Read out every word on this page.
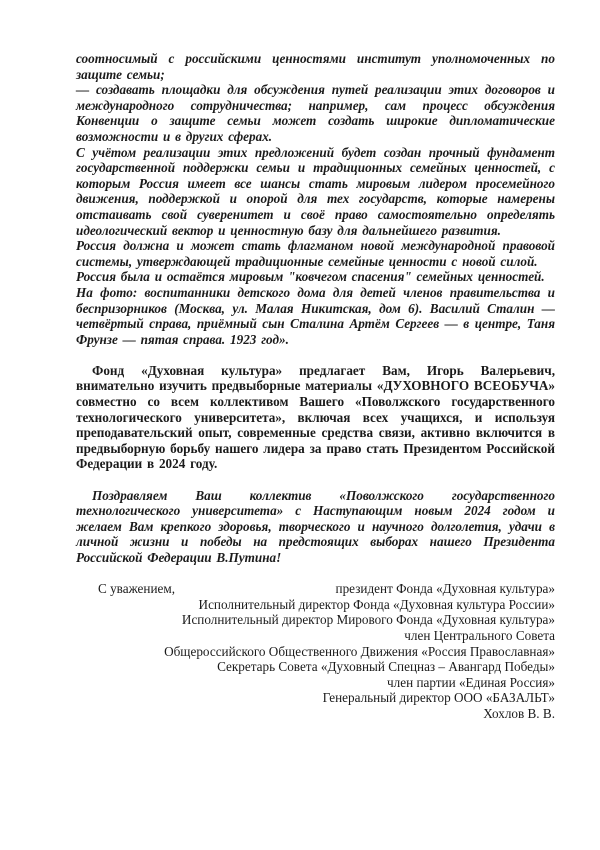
соотносимый с российскими ценностями институт уполномоченных по защите семьи;

— создавать площадки для обсуждения путей реализации этих договоров и международного сотрудничества; например, сам процесс обсуждения Конвенции о защите семьи может создать широкие дипломатические возможности и в других сферах.

С учётом реализации этих предложений будет создан прочный фундамент государственной поддержки семьи и традиционных семейных ценностей, с которым Россия имеет все шансы стать мировым лидером просемейного движения, поддержкой и опорой для тех государств, которые намерены отстаивать свой суверенитет и своё право самостоятельно определять идеологический вектор и ценностную базу для дальнейшего развития.

Россия должна и может стать флагманом новой международной правовой системы, утверждающей традиционные семейные ценности с новой силой.

Россия была и остаётся мировым "ковчегом спасения" семейных ценностей.

На фото: воспитанники детского дома для детей членов правительства и беспризорников (Москва, ул. Малая Никитская, дом 6). Василий Сталин — четвёртый справа, приёмный сын Сталина Артём Сергеев — в центре, Таня Фрунзе — пятая справа. 1923 год».

Фонд «Духовная культура» предлагает Вам, Игорь Валерьевич, внимательно изучить предвыборные материалы «ДУХОВНОГО ВСЕОБУЧА» совместно со всем коллективом Вашего «Поволжского государственного технологического университета», включая всех учащихся, и используя преподавательский опыт, современные средства связи, активно включится в предвыборную борьбу нашего лидера за право стать Президентом Российской Федерации в 2024 году.

Поздравляем Ваш коллектив «Поволжского государственного технологического университета» с Наступающим новым 2024 годом и желаем Вам крепкого здоровья, творческого и научного долголетия, удачи в личной жизни и победы на предстоящих выборах нашего Президента Российской Федерации В.Путина!

С уважением,	президент Фонда «Духовная культура»
Исполнительный директор Фонда «Духовная культура России»
Исполнительный директор Мирового Фонда «Духовная культура»
член Центрального Совета
Общероссийского Общественного Движения «Россия Православная»
Секретарь Совета «Духовный Спецназ – Авангард Победы»
член партии «Единая Россия»
Генеральный директор ООО «БАЗАЛЬТ»
Хохлов В. В.
